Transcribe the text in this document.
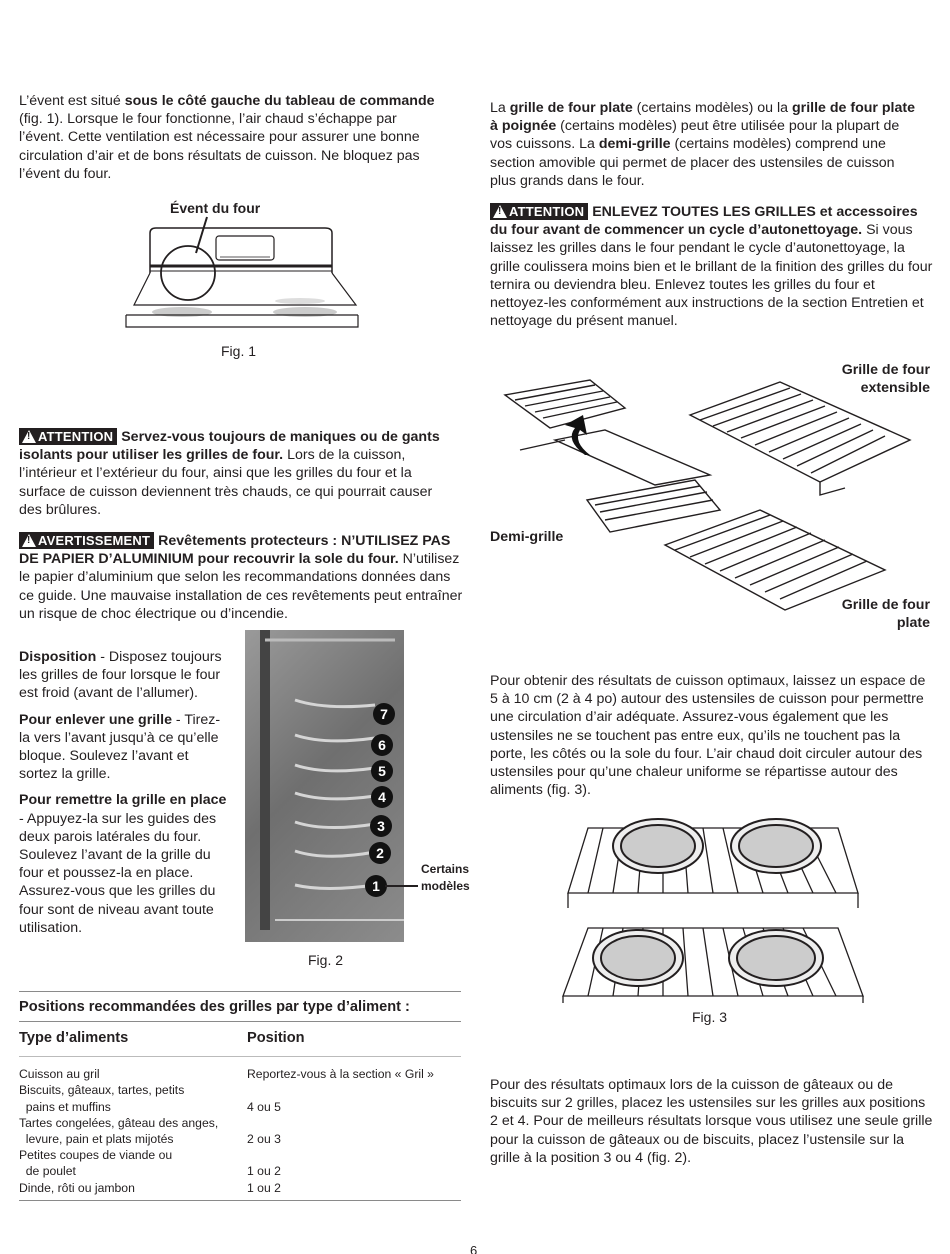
L’évent est situé sous le côté gauche du tableau de commande (fig. 1). Lorsque le four fonctionne, l’air chaud s’échappe par l’évent. Cette ventilation est nécessaire pour assurer une bonne circulation d’air et de bons résultats de cuisson. Ne bloquez pas l’évent du four.
Évent du four
Fig. 1
!ATTENTION Servez-vous toujours de maniques ou de gants isolants pour utiliser les grilles de four. Lors de la cuisson, l’intérieur et l’extérieur du four, ainsi que les grilles du four et la surface de cuisson deviennent très chauds, ce qui pourrait causer des brûlures.
!AVERTISSEMENT Revêtements protecteurs : N’UTILISEZ PAS DE PAPIER D’ALUMINIUM pour recouvrir la sole du four. N’utilisez le papier d’aluminium que selon les recommandations données dans ce guide. Une mauvaise installation de ces revêtements peut entraîner un risque de choc électrique ou d’incendie.

Disposition - Disposez toujours les grilles de four lorsque le four est froid (avant de l’allumer).

Pour enlever une grille - Tirez-la vers l’avant jusqu’à ce qu’elle bloque. Soulevez l’avant et sortez la grille.

Pour remettre la grille en place - Appuyez-la sur les guides des deux parois latérales du four. Soulevez l’avant de la grille du four et poussez-la en place. Assurez-vous que les grilles du four sont de niveau avant toute utilisation.

7
6
5
4
3
2
1
Certains modèles
Fig. 2
Positions recommandées des grilles par type d’aliment :
Type d’aliments	Position
Cuisson au gril	Reportez-vous à la section « Gril »
Biscuits, gâteaux, tartes, petits
pains et muffins	4 ou 5
Tartes congelées, gâteau des anges,
levure, pain et plats mijotés	2 ou 3
Petites coupes de viande ou
de poulet	1 ou 2
Dinde, rôti ou jambon	1 ou 2
La grille de four plate (certains modèles) ou la grille de four plate à poignée (certains modèles) peut être utilisée pour la plupart de vos cuissons. La demi-grille (certains modèles) comprend une section amovible qui permet de placer des ustensiles de cuisson plus grands dans le four.
!ATTENTION ENLEVEZ TOUTES LES GRILLES et accessoires du four avant de commencer un cycle d’autonettoyage. Si vous laissez les grilles dans le four pendant le cycle d’autonettoyage, la grille coulissera moins bien et le brillant de la finition des grilles du four ternira ou deviendra bleu. Enlevez toutes les grilles du four et nettoyez-les conformément aux instructions de la section Entretien et nettoyage du présent manuel.
Grille de four extensible
Demi-grille
Grille de four plate
Pour obtenir des résultats de cuisson optimaux, laissez un espace de 5 à 10 cm (2 à 4 po) autour des ustensiles de cuisson pour permettre une circulation d’air adéquate. Assurez-vous également que les ustensiles ne se touchent pas entre eux, qu’ils ne touchent pas la porte, les côtés ou la sole du four. L’air chaud doit circuler autour des ustensiles pour qu’une chaleur uniforme se répartisse autour des aliments (fig. 3).
Fig. 3
Pour des résultats optimaux lors de la cuisson de gâteaux ou de biscuits sur 2 grilles, placez les ustensiles sur les grilles aux positions 2 et 4. Pour de meilleurs résultats lorsque vous utilisez une seule grille pour la cuisson de gâteaux ou de biscuits, placez l’ustensile sur la grille à la position 3 ou 4 (fig. 2).
6
